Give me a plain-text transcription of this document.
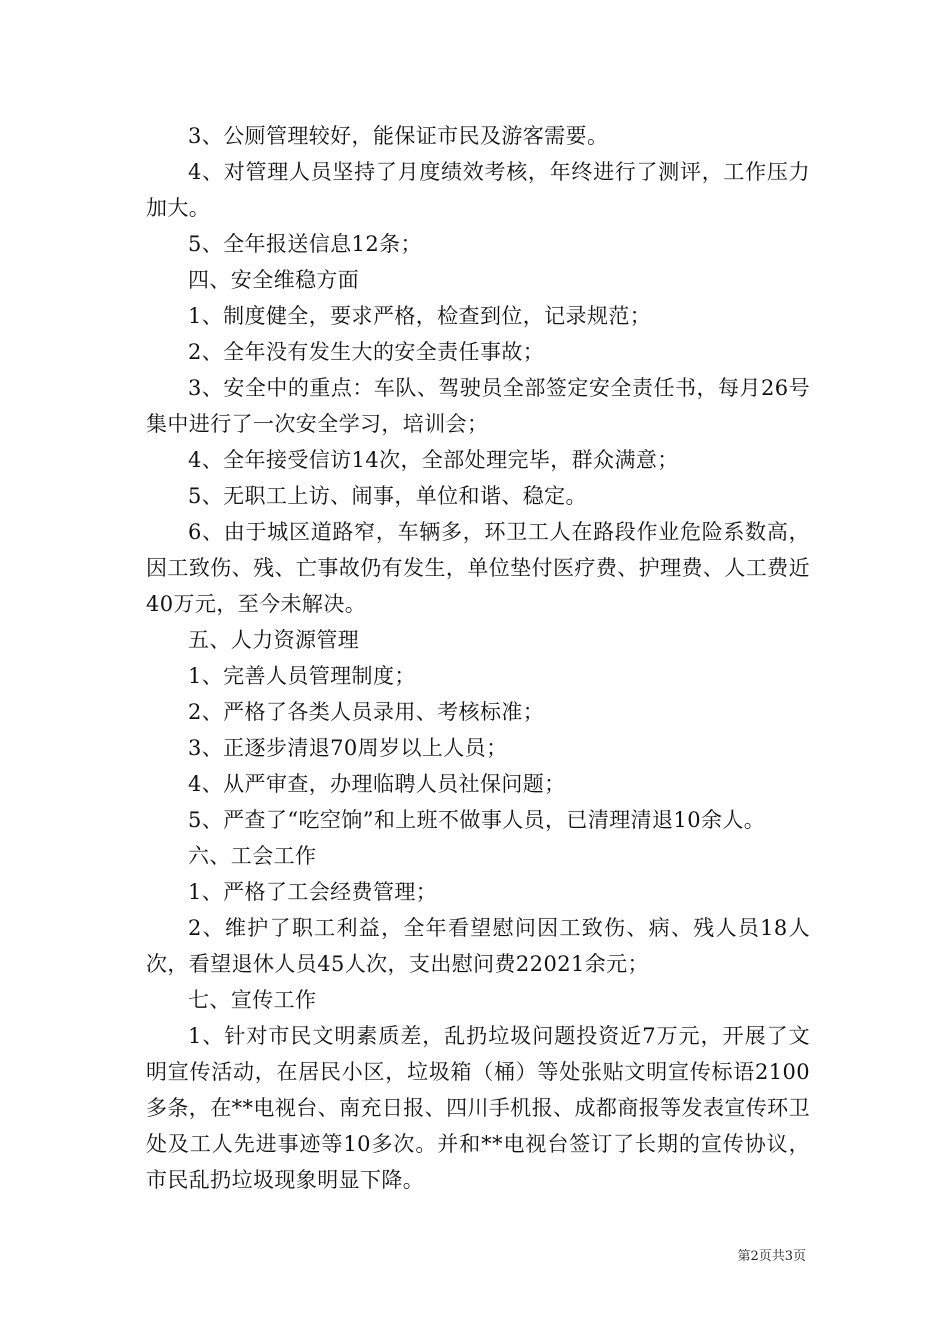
3、公厕管理较好，能保证市民及游客需要。

4、对管理人员坚持了月度绩效考核，年终进行了测评，工作压力加大。

5、全年报送信息12条；

四、安全维稳方面

1、制度健全，要求严格，检查到位，记录规范；

2、全年没有发生大的安全责任事故；

3、安全中的重点：车队、驾驶员全部签定安全责任书，每月26号集中进行了一次安全学习，培训会；

4、全年接受信访14次，全部处理完毕，群众满意；

5、无职工上访、闹事，单位和谐、稳定。

6、由于城区道路窄，车辆多，环卫工人在路段作业危险系数高，因工致伤、残、亡事故仍有发生，单位垫付医疗费、护理费、人工费近40万元，至今未解决。

五、人力资源管理

1、完善人员管理制度；

2、严格了各类人员录用、考核标准；

3、正逐步清退70周岁以上人员；

4、从严审查，办理临聘人员社保问题；

5、严查了“吃空饷”和上班不做事人员，已清理清退10余人。

六、工会工作

1、严格了工会经费管理；

2、维护了职工利益，全年看望慰问因工致伤、病、残人员18人次，看望退休人员45人次，支出慰问费22021余元；

七、宣传工作

1、针对市民文明素质差，乱扔垃圾问题投资近7万元，开展了文明宣传活动，在居民小区，垃圾箱（桶）等处张贴文明宣传标语2100多条，在**电视台、南充日报、四川手机报、成都商报等发表宣传环卫处及工人先进事迹等10多次。并和**电视台签订了长期的宣传协议，市民乱扔垃圾现象明显下降。

第2页共3页
